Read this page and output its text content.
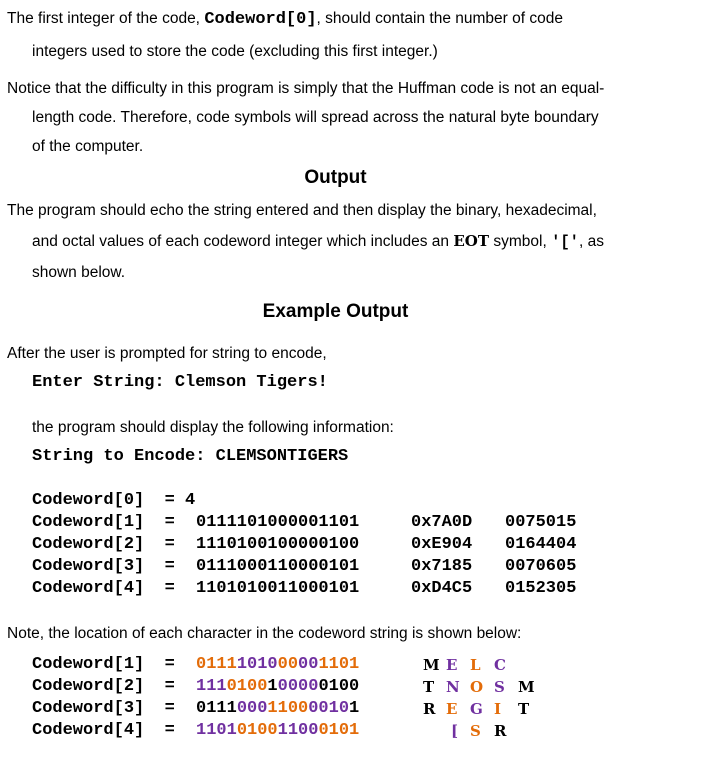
The first integer of the code, Codeword[0], should contain the number of code
integers used to store the code (excluding this first integer.)
Notice that the difficulty in this program is simply that the Huffman code is not an equal-
length code. Therefore, code symbols will spread across the natural byte boundary
of the computer.
Output
The program should echo the string entered and then display the binary, hexadecimal,
and octal values of each codeword integer which includes an EOT symbol, '[', as
shown below.
Example Output
After the user is prompted for string to encode,
Enter String: Clemson Tigers!
the program should display the following information:
String to Encode: CLEMSONTIGERS
Codeword[0]  = 4
Codeword[1]  = 0111101000001101	0x7A0D 0075015
Codeword[2]  = 1110100100000100	0xE904 0164404
Codeword[3]  = 0111000110000101	0x7185 0070605
Codeword[4]  = 1101010011000101	0xD4C5 0152305
Note, the location of each character in the codeword string is shown below:
Codeword[1]  = 0111101000001101	M E L C
Codeword[2]  = 1110100100000100	T N O S M
Codeword[3]  = 0111000110000101	R E G I T
Codeword[4]  = 1101010011000101	[ S R
